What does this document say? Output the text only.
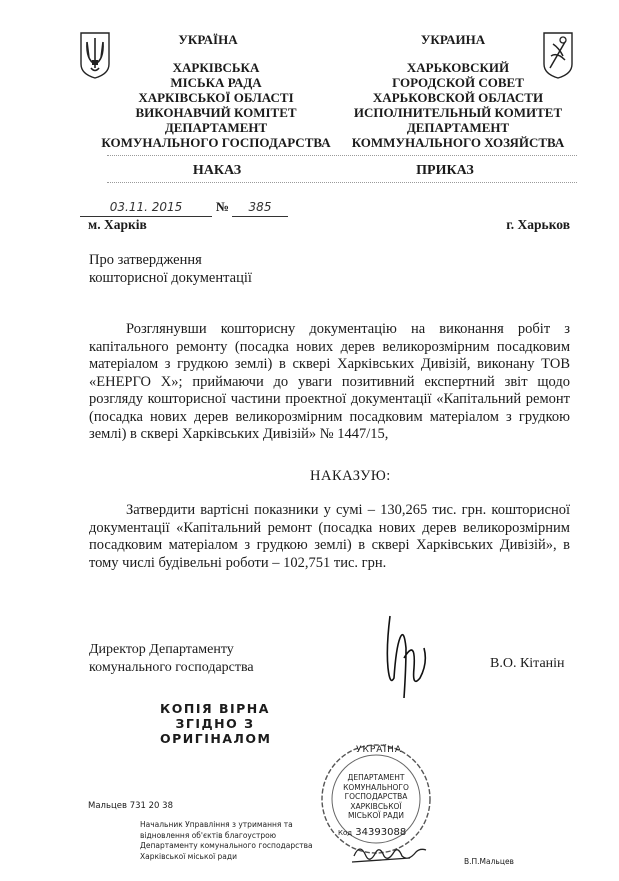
УКРАЇНА
ХАРКІВСЬКА
МІСЬКА РАДА
ХАРКІВСЬКОЇ ОБЛАСТІ
ВИКОНАВЧИЙ КОМІТЕТ
ДЕПАРТАМЕНТ
КОМУНАЛЬНОГО ГОСПОДАРСТВА
УКРАИНА
ХАРЬКОВСКИЙ
ГОРОДСКОЙ СОВЕТ
ХАРЬКОВСКОЙ ОБЛАСТИ
ИСПОЛНИТЕЛЬНЫЙ КОМИТЕТ
ДЕПАРТАМЕНТ
КОММУНАЛЬНОГО ХОЗЯЙСТВА
НАКАЗ	ПРИКАЗ
03.11. 2015	№	385
м. Харків	г. Харьков
Про затвердження
кошторисної документації
Розглянувши кошторисну документацію на виконання робіт з капітального ремонту (посадка нових дерев великорозмірним посадковим матеріалом з грудкою землі) в сквері Харківських Дивізій, виконану ТОВ «ЕНЕРГО Х»; приймаючи до уваги позитивний експертний звіт щодо розгляду кошторисної частини проектної документації «Капітальний ремонт (посадка нових дерев великорозмірним посадковим матеріалом з грудкою землі) в сквері Харківських Дивізій» № 1447/15,
НАКАЗУЮ:
Затвердити вартісні показники у сумі – 130,265 тис. грн. кошторисної документації «Капітальний ремонт (посадка нових дерев великорозмірним посадковим матеріалом з грудкою землі) в сквері Харківських Дивізій», в тому числі будівельні роботи – 102,751 тис. грн.
Директор Департаменту
комунального господарства	В.О. Кітанін
КОПІЯ ВІРНА
ЗГІДНО З
ОРИГІНАЛОМ
Мальцев 731 20 38
Начальник Управління з утримання та
відновлення об'єктів благоустрою
Департаменту комунального господарства
Харківської міської ради
УКРАЇНА
ДЕПАРТАМЕНТ
КОМУНАЛЬНОГО
ГОСПОДАРСТВА
ХАРКІВСЬКОЇ
МІСЬКОЇ РАДИ
Код 34393088
В.П.Мальцев
